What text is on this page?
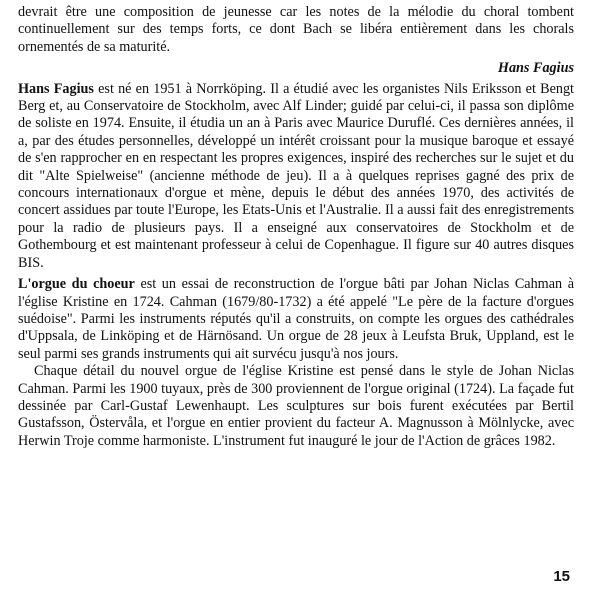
devrait être une composition de jeunesse car les notes de la mélodie du choral tombent continuellement sur des temps forts, ce dont Bach se libéra entièrement dans les chorals ornementés de sa maturité.

Hans Fagius

Hans Fagius est né en 1951 à Norrköping. Il a étudié avec les organistes Nils Eriksson et Bengt Berg et, au Conservatoire de Stockholm, avec Alf Linder; guidé par celui-ci, il passa son diplôme de soliste en 1974. Ensuite, il étudia un an à Paris avec Maurice Duruflé. Ces dernières années, il a, par des études personnelles, développé un intérêt croissant pour la musique baroque et essayé de s'en rapprocher en en respectant les propres exigences, inspiré des recherches sur le sujet et du dit "Alte Spielweise" (ancienne méthode de jeu). Il a à quelques reprises gagné des prix de concours internationaux d'orgue et mène, depuis le début des années 1970, des activités de concert assidues par toute l'Europe, les Etats-Unis et l'Australie. Il a aussi fait des enregistrements pour la radio de plusieurs pays. Il a enseigné aux conservatoires de Stockholm et de Gothembourg et est maintenant professeur à celui de Copenhague. Il figure sur 40 autres disques BIS.

L'orgue du choeur est un essai de reconstruction de l'orgue bâti par Johan Niclas Cahman à l'église Kristine en 1724. Cahman (1679/80-1732) a été appelé "Le père de la facture d'orgues suédoise". Parmi les instruments réputés qu'il a construits, on compte les orgues des cathédrales d'Uppsala, de Linköping et de Härnösand. Un orgue de 28 jeux à Leufsta Bruk, Uppland, est le seul parmi ses grands instruments qui ait survécu jusqu'à nos jours.

Chaque détail du nouvel orgue de l'église Kristine est pensé dans le style de Johan Niclas Cahman. Parmi les 1900 tuyaux, près de 300 proviennent de l'orgue original (1724). La façade fut dessinée par Carl-Gustaf Lewenhaupt. Les sculptures sur bois furent exécutées par Bertil Gustafsson, Östervåla, et l'orgue en entier provient du facteur A. Magnusson à Mölnlycke, avec Herwin Troje comme harmoniste. L'instrument fut inauguré le jour de l'Action de grâces 1982.

15
